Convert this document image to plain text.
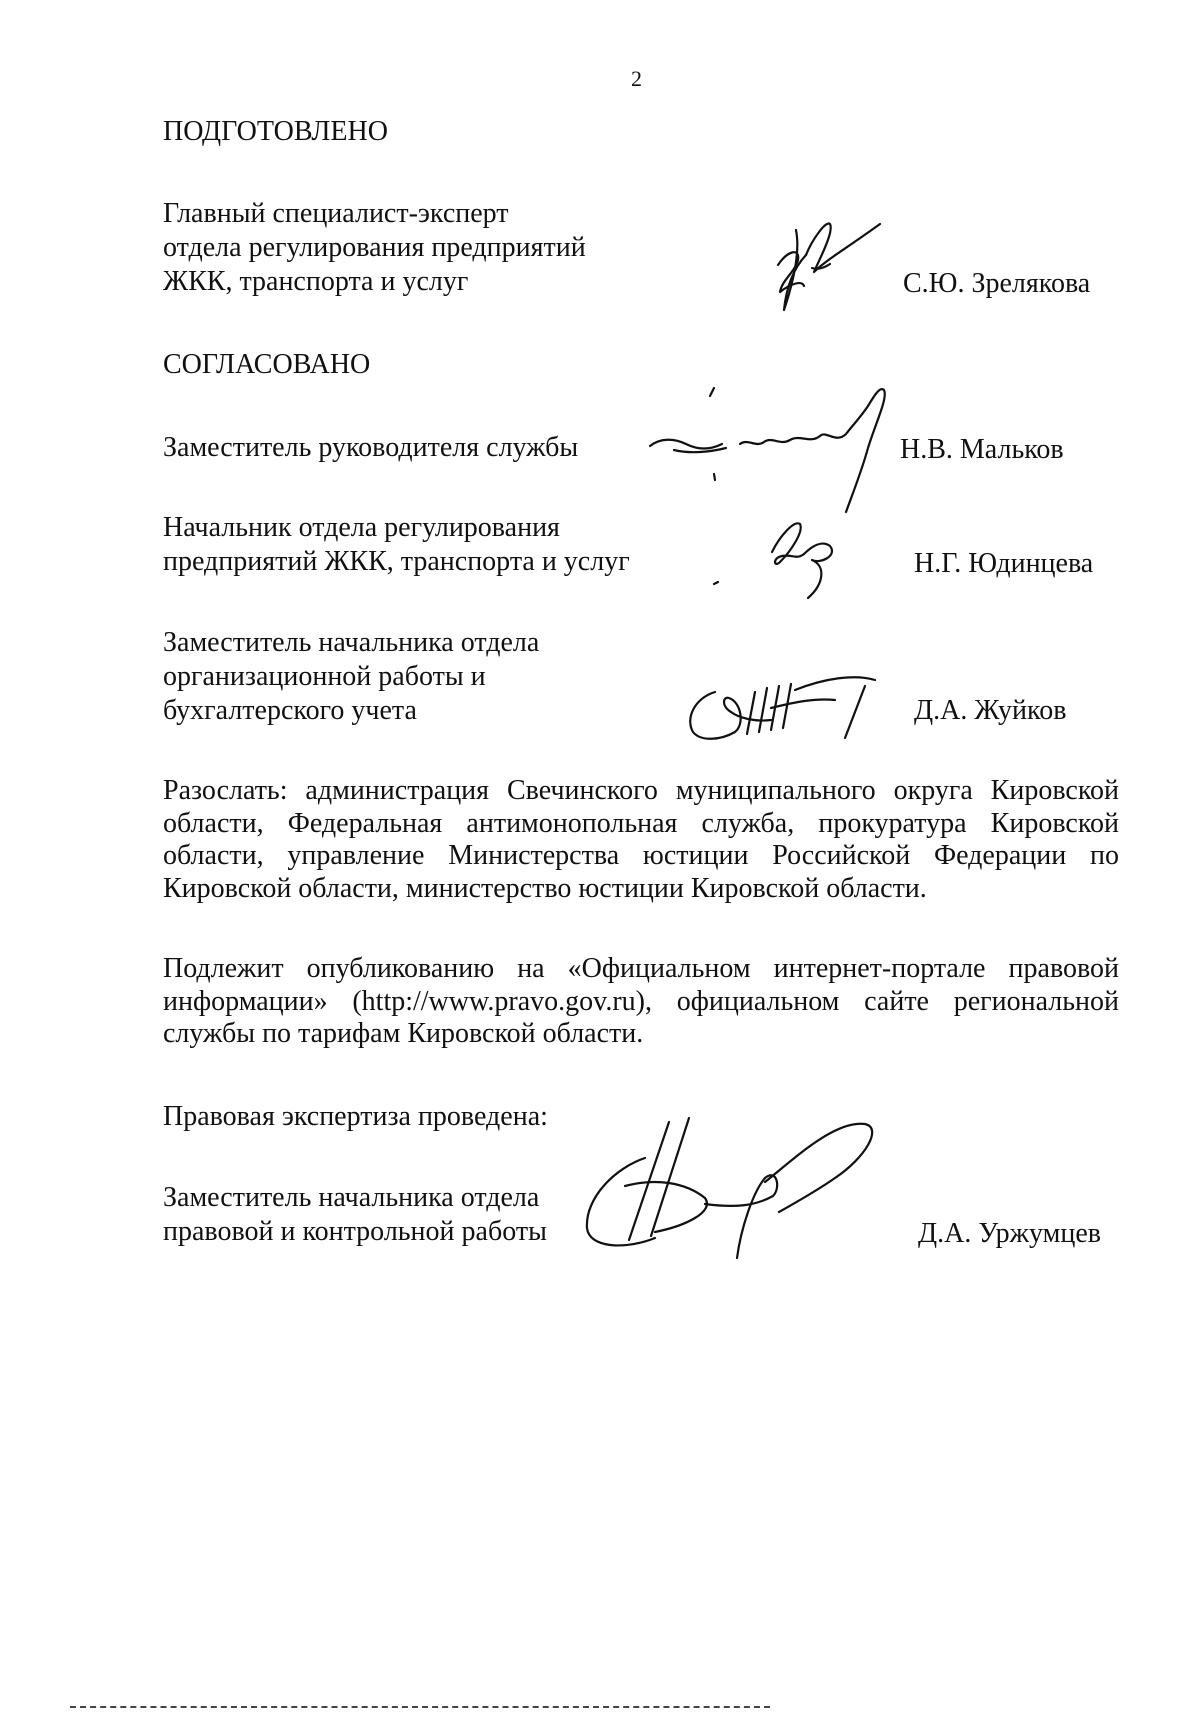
2
ПОДГОТОВЛЕНО
Главный специалист-эксперт
отдела регулирования предприятий
ЖКК, транспорта и услуг	С.Ю. Зрелякова
СОГЛАСОВАНО
Заместитель руководителя службы	Н.В. Мальков
Начальник отдела регулирования
предприятий ЖКК, транспорта и услуг	Н.Г. Юдинцева
Заместитель начальника отдела
организационной работы и
бухгалтерского учета	Д.А. Жуйков
Разослать: администрация Свечинского муниципального округа Кировской области, Федеральная антимонопольная служба, прокуратура Кировской области, управление Министерства юстиции Российской Федерации по Кировской области, министерство юстиции Кировской области.
Подлежит опубликованию на «Официальном интернет-портале правовой информации» (http://www.pravo.gov.ru), официальном сайте региональной службы по тарифам Кировской области.
Правовая экспертиза проведена:
Заместитель начальника отдела
правовой и контрольной работы	Д.А. Уржумцев
